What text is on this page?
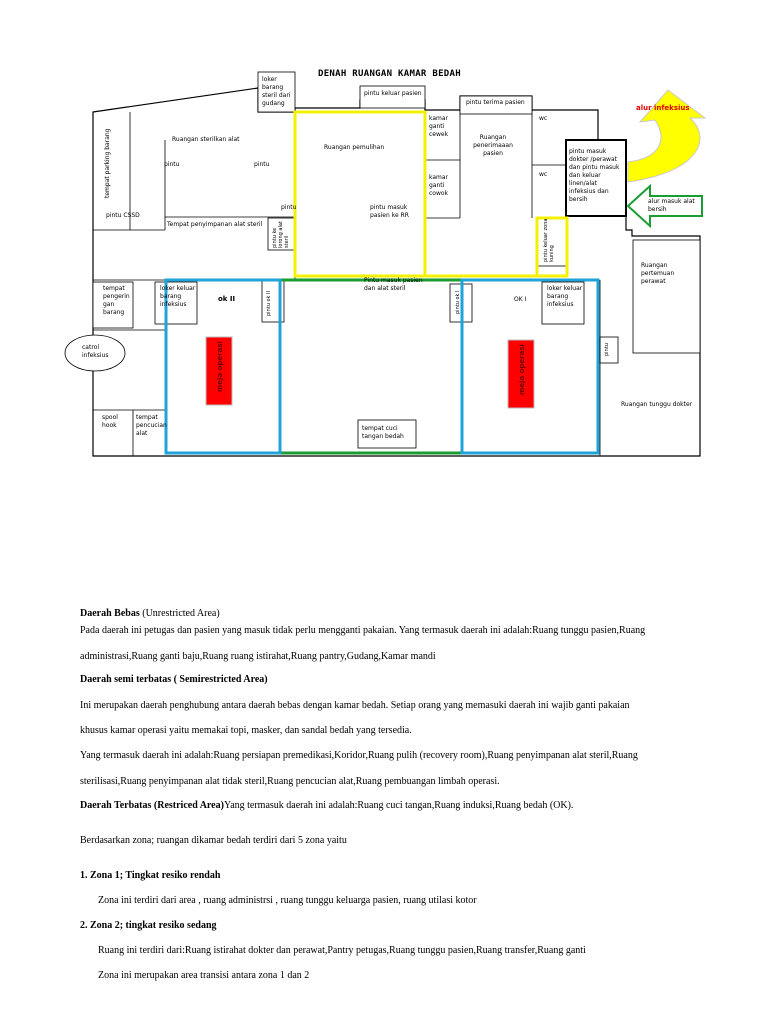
DENAH RUANGAN KAMAR BEDAH
alur infeksius
alur masuk alat bersih
tempat parking barang
loker barang steril dari gudang
Ruangan sterilkan alat
pintu	pintu
pintu keluar pasien
pintu terima pasien
Ruangan pemulihan
kamar ganti cewek
kamar ganti cowok
Ruangan penerimaaan pasien
wc
wc
pintu masuk dokter /perawat dan pintu masuk dan keluar linen/alat infeksius dan bersih
pintu CSSD
Tempat penyimpanan alat steril
pintu	pintu masuk pasien ke RR
pintu ke lorong alat steril	pintu keluar zona kuning
Pintu masuk pasien dan alat steril
Ruangan pertemuan perawat
tempat pengerin gan barang
loker keluar barang infeksius
ok II	pintu ok II	pintu ok I	OK I
loker keluar barang infeksius
pintu
catrol infeksius	meja operasi	meja operasi
Ruangan tunggu dokter
spool hook
tempat pencucian alat
tempat cuci tangan bedah

Daerah Bebas (Unrestricted Area)

Pada daerah ini petugas dan pasien yang masuk tidak perlu mengganti pakaian. Yang termasuk daerah ini adalah:Ruang tunggu pasien,Ruang

administrasi,Ruang ganti baju,Ruang ruang istirahat,Ruang pantry,Gudang,Kamar mandi

Daerah semi terbatas ( Semirestricted Area)

Ini merupakan daerah penghubung antara daerah bebas dengan kamar bedah. Setiap orang yang memasuki daerah ini wajib ganti pakaian

khusus kamar operasi yaitu memakai topi, masker, dan sandal bedah yang tersedia.

Yang termasuk daerah ini adalah:Ruang persiapan premedikasi,Koridor,Ruang pulih (recovery room),Ruang penyimpanan alat steril,Ruang

sterilisasi,Ruang penyimpanan alat tidak steril,Ruang pencucian alat,Ruang pembuangan limbah operasi.

Daerah Terbatas (Restriced Area)Yang termasuk daerah ini adalah:Ruang cuci tangan,Ruang induksi,Ruang bedah (OK).

Berdasarkan zona; ruangan dikamar bedah terdiri dari 5 zona yaitu

1. Zona 1; Tingkat resiko rendah
Zona ini terdiri dari area , ruang administrsi , ruang tunggu keluarga pasien, ruang utilasi kotor
2. Zona 2; tingkat resiko sedang
Ruang ini terdiri dari:Ruang istirahat dokter dan perawat,Pantry petugas,Ruang tunggu pasien,Ruang transfer,Ruang ganti
Zona ini merupakan area transisi antara zona 1 dan 2
